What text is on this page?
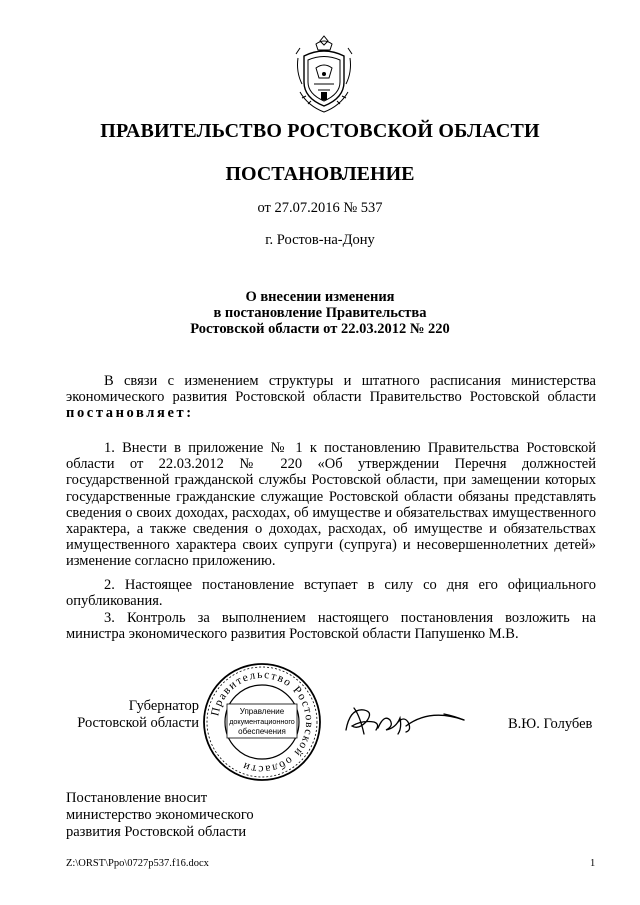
ПРАВИТЕЛЬСТВО РОСТОВСКОЙ ОБЛАСТИ
ПОСТАНОВЛЕНИЕ
от 27.07.2016 № 537
г. Ростов-на-Дону
О внесении изменения
в постановление Правительства
Ростовской области от 22.03.2012 № 220
В связи с изменением структуры и штатного расписания министерства экономического развития Ростовской области Правительство Ростовской области постановляет:
1. Внести в приложение № 1 к постановлению Правительства Ростовской области от 22.03.2012 № 220 «Об утверждении Перечня должностей государственной гражданской службы Ростовской области, при замещении которых государственные гражданские служащие Ростовской области обязаны представлять сведения о своих доходах, расходах, об имуществе и обязательствах имущественного характера, а также сведения о доходах, расходах, об имуществе и обязательствах имущественного характера своих супруги (супруга) и несовершеннолетних детей» изменение согласно приложению.
2. Настоящее постановление вступает в силу со дня его официального опубликования.
3. Контроль за выполнением настоящего постановления возложить на министра экономического развития Ростовской области Папушенко М.В.
Губернатор
Ростовской области
Правительство Ростовской области
Управление
документационного
обеспечения	В.Ю. Голубев
Постановление вносит
министерство экономического
развития Ростовской области
Z:\ORST\Ppo\0727p537.f16.docx	1
